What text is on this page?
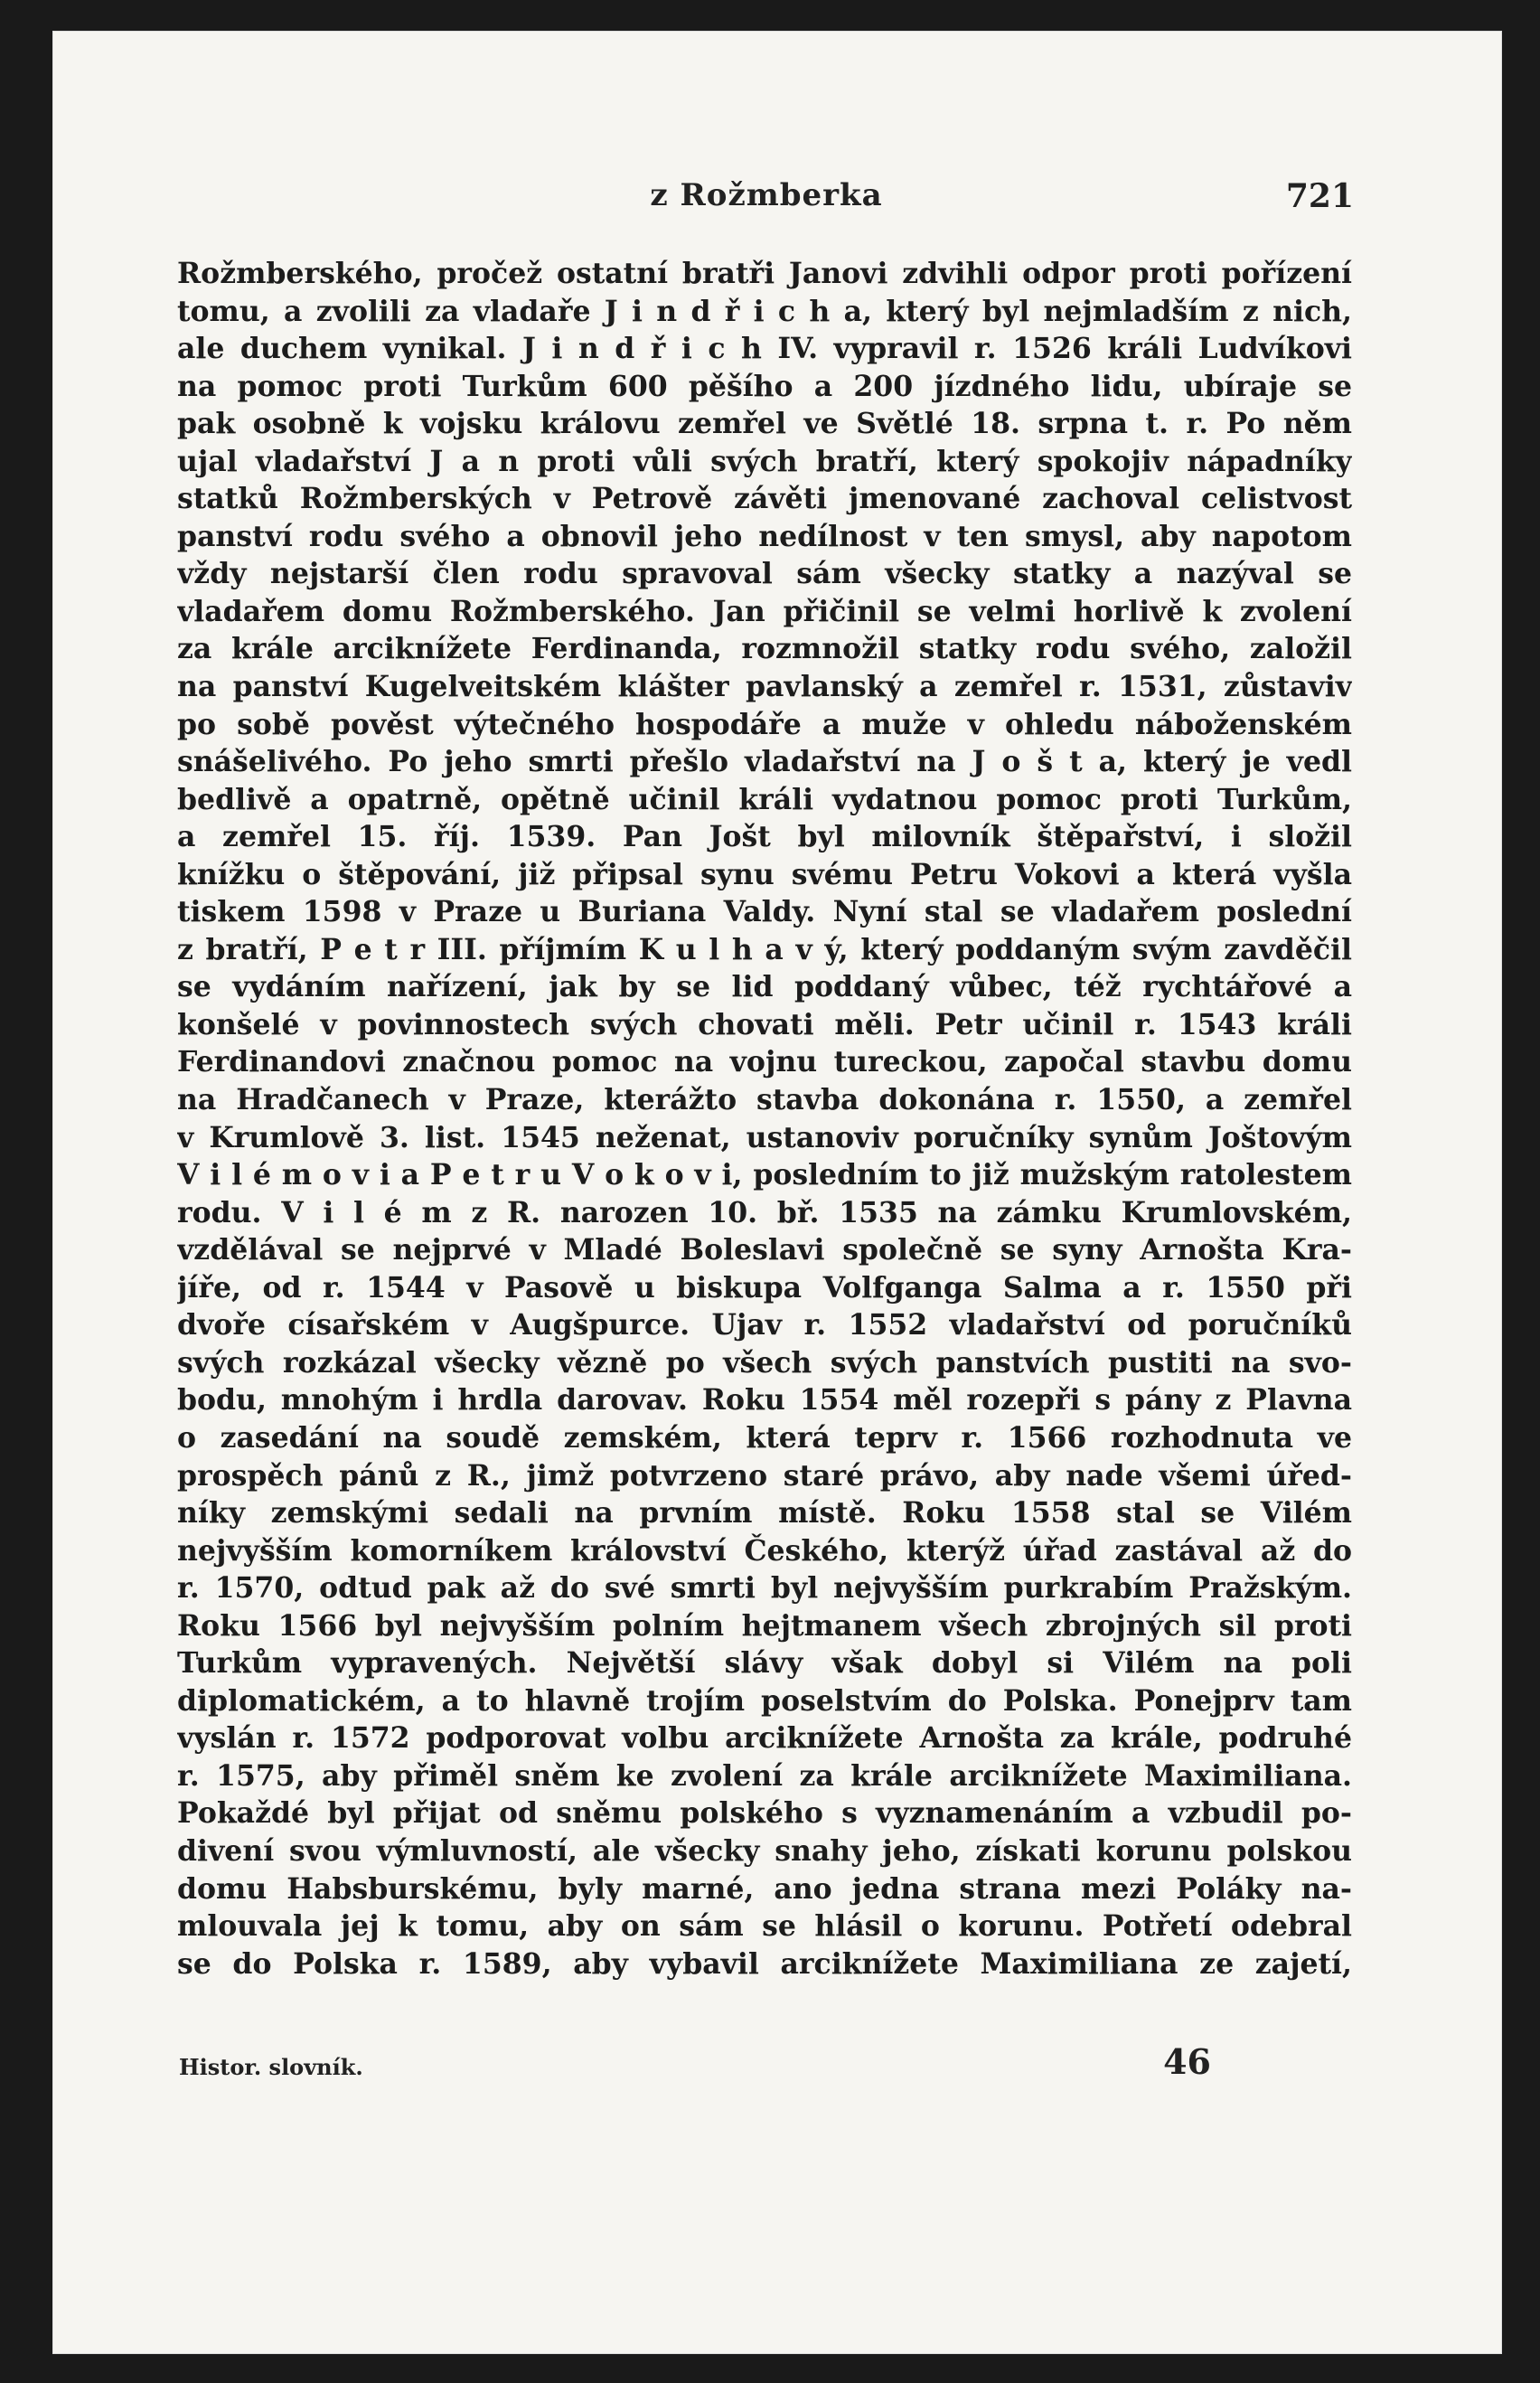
z Rožmberka	721
Rožmberského, pročež ostatní bratři Janovi zdvihli odpor proti pořízení
tomu, a zvolili za vladaře J i n d ř i c h a, který byl nejmladším z nich,
ale duchem vynikal. J i n d ř i c h IV. vypravil r. 1526 králi Ludvíkovi
na pomoc proti Turkům 600 pěšího a 200 jízdného lidu, ubíraje se
pak osobně k vojsku královu zemřel ve Světlé 18. srpna t. r. Po něm
ujal vladařství J a n proti vůli svých bratří, který spokojiv nápadníky
statků Rožmberských v Petrově závěti jmenované zachoval celistvost
panství rodu svého a obnovil jeho nedílnost v ten smysl, aby napotom
vždy nejstarší člen rodu spravoval sám všecky statky a nazýval se
vladařem domu Rožmberského. Jan přičinil se velmi horlivě k zvolení
za krále arciknížete Ferdinanda, rozmnožil statky rodu svého, založil
na panství Kugelveitském klášter pavlanský a zemřel r. 1531, zůstaviv
po sobě pověst výtečného hospodáře a muže v ohledu náboženském
snášelivého. Po jeho smrti přešlo vladařství na J o š t a, který je vedl
bedlivě a opatrně, opětně učinil králi vydatnou pomoc proti Turkům,
a zemřel 15. říj. 1539. Pan Jošt byl milovník štěpařství, i složil
knížku o štěpování, již připsal synu svému Petru Vokovi a která vyšla
tiskem 1598 v Praze u Buriana Valdy. Nyní stal se vladařem poslední
z bratří, P e t r III. příjmím K u l h a v ý, který poddaným svým zavděčil
se vydáním nařízení, jak by se lid poddaný vůbec, též rychtářové a
konšelé v povinnostech svých chovati měli. Petr učinil r. 1543 králi
Ferdinandovi značnou pomoc na vojnu tureckou, započal stavbu domu
na Hradčanech v Praze, kterážto stavba dokonána r. 1550, a zemřel
v Krumlově 3. list. 1545 neženat, ustanoviv poručníky synům Joštovým
V i l é m o v i a P e t r u V o k o v i, posledním to již mužským ratolestem
rodu. V i l é m z R. narozen 10. bř. 1535 na zámku Krumlovském,
vzdělával se nejprvé v Mladé Boleslavi společně se syny Arnošta Kra-
jíře, od r. 1544 v Pasově u biskupa Volfganga Salma a r. 1550 při
dvoře císařském v Augšpurce. Ujav r. 1552 vladařství od poručníků
svých rozkázal všecky vězně po všech svých panstvích pustiti na svo-
bodu, mnohým i hrdla darovav. Roku 1554 měl rozepři s pány z Plavna
o zasedání na soudě zemském, která teprv r. 1566 rozhodnuta ve
prospěch pánů z R., jimž potvrzeno staré právo, aby nade všemi úřed-
níky zemskými sedali na prvním místě. Roku 1558 stal se Vilém
nejvyšším komorníkem království Českého, kterýž úřad zastával až do
r. 1570, odtud pak až do své smrti byl nejvyšším purkrabím Pražským.
Roku 1566 byl nejvyšším polním hejtmanem všech zbrojných sil proti
Turkům vypravených. Největší slávy však dobyl si Vilém na poli
diplomatickém, a to hlavně trojím poselstvím do Polska. Ponejprv tam
vyslán r. 1572 podporovat volbu arciknížete Arnošta za krále, podruhé
r. 1575, aby přiměl sněm ke zvolení za krále arciknížete Maximiliana.
Pokaždé byl přijat od sněmu polského s vyznamenáním a vzbudil po-
divení svou výmluvností, ale všecky snahy jeho, získati korunu polskou
domu Habsburskému, byly marné, ano jedna strana mezi Poláky na-
mlouvala jej k tomu, aby on sám se hlásil o korunu. Potřetí odebral
se do Polska r. 1589, aby vybavil arciknížete Maximiliana ze zajetí,
Histor. slovník.	46
